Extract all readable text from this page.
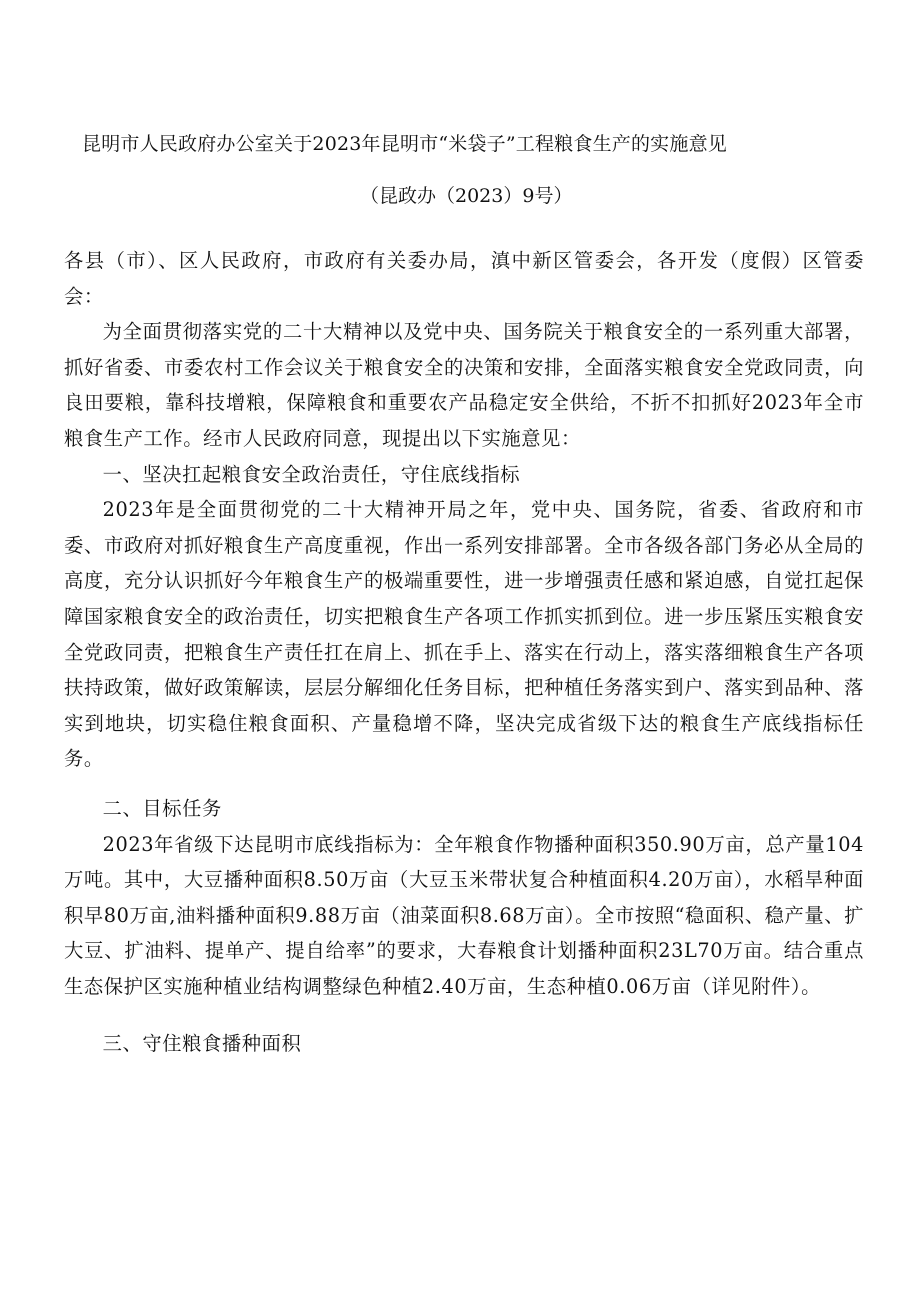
昆明市人民政府办公室关于2023年昆明市“米袋子”工程粮食生产的实施意见
（昆政办（2023）9号）

各县（市）、区人民政府，市政府有关委办局，滇中新区管委会，各开发（度假）区管委会：

为全面贯彻落实党的二十大精神以及党中央、国务院关于粮食安全的一系列重大部署，抓好省委、市委农村工作会议关于粮食安全的决策和安排，全面落实粮食安全党政同责，向良田要粮，靠科技增粮，保障粮食和重要农产品稳定安全供给，不折不扣抓好2023年全市粮食生产工作。经市人民政府同意，现提出以下实施意见：

一、坚决扛起粮食安全政治责任，守住底线指标

2023年是全面贯彻党的二十大精神开局之年，党中央、国务院，省委、省政府和市委、市政府对抓好粮食生产高度重视，作出一系列安排部署。全市各级各部门务必从全局的高度，充分认识抓好今年粮食生产的极端重要性，进一步增强责任感和紧迫感，自觉扛起保障国家粮食安全的政治责任，切实把粮食生产各项工作抓实抓到位。进一步压紧压实粮食安全党政同责，把粮食生产责任扛在肩上、抓在手上、落实在行动上，落实落细粮食生产各项扶持政策，做好政策解读，层层分解细化任务目标，把种植任务落实到户、落实到品种、落实到地块，切实稳住粮食面积、产量稳增不降，坚决完成省级下达的粮食生产底线指标任务。

二、目标任务

2023年省级下达昆明市底线指标为：全年粮食作物播种面积350.90万亩，总产量104万吨。其中，大豆播种面积8.50万亩（大豆玉米带状复合种植面积4.20万亩），水稻旱种面积早80万亩,油料播种面积9.88万亩（油菜面积8.68万亩）。全市按照“稳面积、稳产量、扩大豆、扩油料、提单产、提自给率”的要求，大春粮食计划播种面积23L70万亩。结合重点生态保护区实施种植业结构调整绿色种植2.40万亩，生态种植0.06万亩（详见附件）。

三、守住粮食播种面积
